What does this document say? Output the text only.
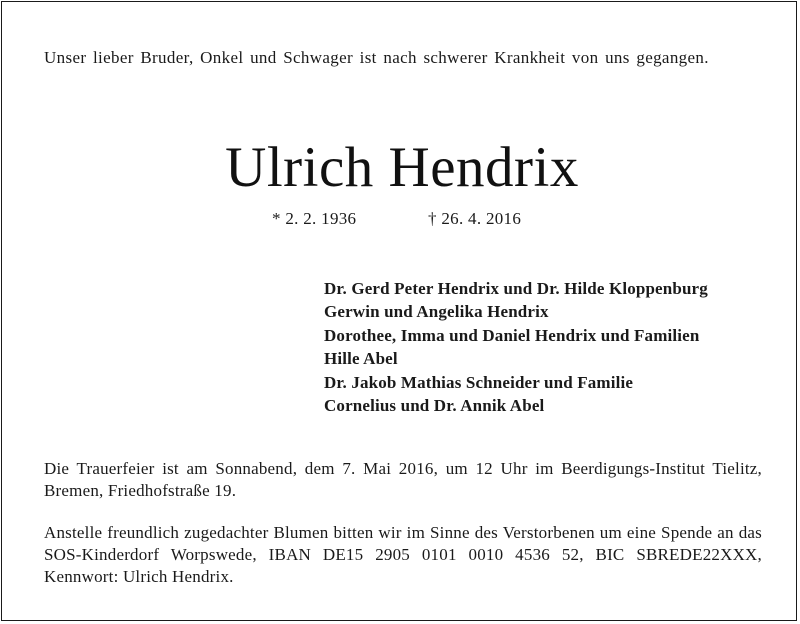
Unser lieber Bruder, Onkel und Schwager ist nach schwerer Krankheit von uns gegangen.
Ulrich Hendrix
* 2. 2. 1936	† 26. 4. 2016
Dr. Gerd Peter Hendrix und Dr. Hilde Kloppenburg
Gerwin und Angelika Hendrix
Dorothee, Imma und Daniel Hendrix und Familien
Hille Abel
Dr. Jakob Mathias Schneider und Familie
Cornelius und Dr. Annik Abel
Die Trauerfeier ist am Sonnabend, dem 7. Mai 2016, um 12 Uhr im Beerdigungs-Institut Tielitz, Bremen, Friedhofstraße 19.
Anstelle freundlich zugedachter Blumen bitten wir im Sinne des Verstorbenen um eine Spende an das SOS-Kinderdorf Worpswede, IBAN DE15 2905 0101 0010 4536 52, BIC SBREDE22XXX, Kennwort: Ulrich Hendrix.
